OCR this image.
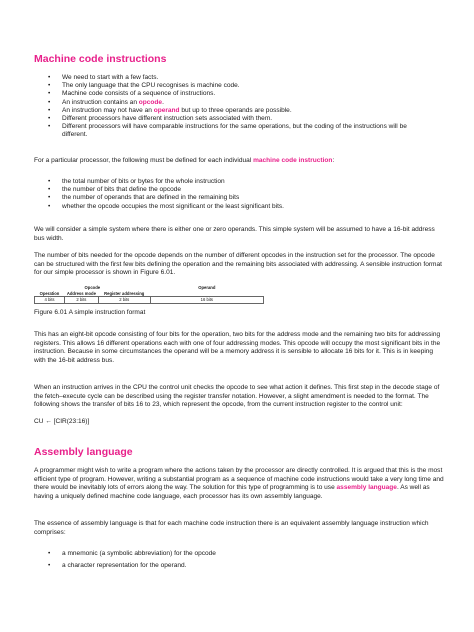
Machine code instructions
• We need to start with a few facts.
• The only language that the CPU recognises is machine code.
• Machine code consists of a sequence of instructions.
• An instruction contains an opcode.
• An instruction may not have an operand but up to three operands are possible.
• Different processors have different instruction sets associated with them.
• Different processors will have comparable instructions for the same operations, but the coding of the instructions will be different.

For a particular processor, the following must be defined for each individual machine code instruction:

• the total number of bits or bytes for the whole instruction
• the number of bits that define the opcode
• the number of operands that are defined in the remaining bits
• whether the opcode occupies the most significant or the least significant bits.

We will consider a simple system where there is either one or zero operands. This simple system will be assumed to have a 16-bit address bus width.

The number of bits needed for the opcode depends on the number of different opcodes in the instruction set for the processor. The opcode can be structured with the first few bits defining the operation and the remaining bits associated with addressing. A sensible instruction format for our simple processor is shown in Figure 6.01.

Opcode			Operand
Operation	Address mode	Register addressing	
4 bits	2 bits	2 bits	16 bits
Figure 6.01 A simple instruction format

This has an eight-bit opcode consisting of four bits for the operation, two bits for the address mode and the remaining two bits for addressing registers. This allows 16 different operations each with one of four addressing modes. This opcode will occupy the most significant bits in the instruction. Because in some circumstances the operand will be a memory address it is sensible to allocate 16 bits for it. This is in keeping with the 16-bit address bus.

When an instruction arrives in the CPU the control unit checks the opcode to see what action it defines. This first step in the decode stage of the fetch–execute cycle can be described using the register transfer notation. However, a slight amendment is needed to the format. The following shows the transfer of bits 16 to 23, which represent the opcode, from the current instruction register to the control unit:

CU ← [CIR(23:16)]

Assembly language

A programmer might wish to write a program where the actions taken by the processor are directly controlled. It is argued that this is the most efficient type of program. However, writing a substantial program as a sequence of machine code instructions would take a very long time and there would be inevitably lots of errors along the way. The solution for this type of programming is to use assembly language. As well as having a uniquely defined machine code language, each processor has its own assembly language.

The essence of assembly language is that for each machine code instruction there is an equivalent assembly language instruction which comprises:

• a mnemonic (a symbolic abbreviation) for the opcode
• a character representation for the operand.
